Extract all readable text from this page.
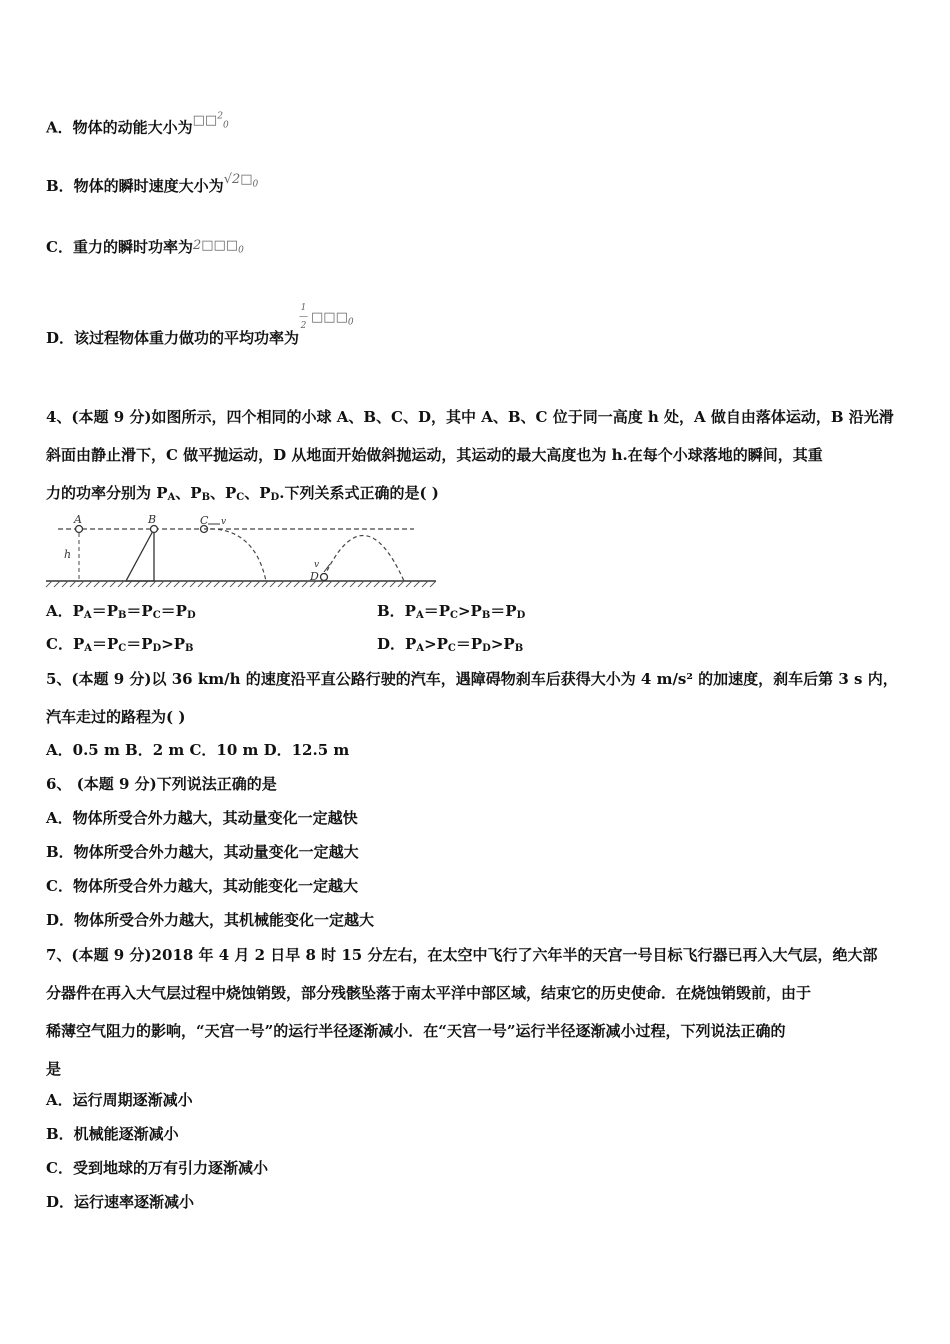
A．物体的动能大小为□□$^2_0$
B．物体的瞬时速度大小为$√2□_0$
C．重力的瞬时功率为$2□□□_0$
D．该过程物体重力做功的平均功率为1
—
$2□□□_0$
4、(本题 9 分)如图所示，四个相同的小球 A、B、C、D，其中 A、B、C 位于同一高度 h 处，A 做自由落体运动，B 沿光滑
斜面由静止滑下，C 做平抛运动，D 从地面开始做斜抛运动，其运动的最大高度也为 h.在每个小球落地的瞬间，其重
力的功率分别为 $P_A$、$P_B$、$P_C$、$P_D$.下列关系式正确的是( )
A
h
B	C v
D
v
A．$P_A=P_B=P_C=P_D$	B．$P_A=P_C>P_B=P_D$
C．$P_A=P_C=P_D>P_B$	D．$P_A>P_C=P_D>P_B$
5、(本题 9 分)以 36 km/h 的速度沿平直公路行驶的汽车，遇障碍物刹车后获得大小为 4 m/s² 的加速度，刹车后第 3 s 内，
汽车走过的路程为( )
A．0.5 m B．2 m C．10 m D．12.5 m
6、 (本题 9 分)下列说法正确的是
A．物体所受合外力越大，其动量变化一定越快
B．物体所受合外力越大，其动量变化一定越大
C．物体所受合外力越大，其动能变化一定越大
D．物体所受合外力越大，其机械能变化一定越大
7、(本题 9 分)2018 年 4 月 2 日早 8 时 15 分左右，在太空中飞行了六年半的天宫一号目标飞行器已再入大气层，绝大部
分器件在再入大气层过程中烧蚀销毁，部分残骸坠落于南太平洋中部区域，结束它的历史使命．在烧蚀销毁前，由于
稀薄空气阻力的影响，“天宫一号”的运行半径逐渐减小．在“天宫一号”运行半径逐渐减小过程，下列说法正确的
是
A．运行周期逐渐减小
B．机械能逐渐减小
C．受到地球的万有引力逐渐减小
D．运行速率逐渐减小
